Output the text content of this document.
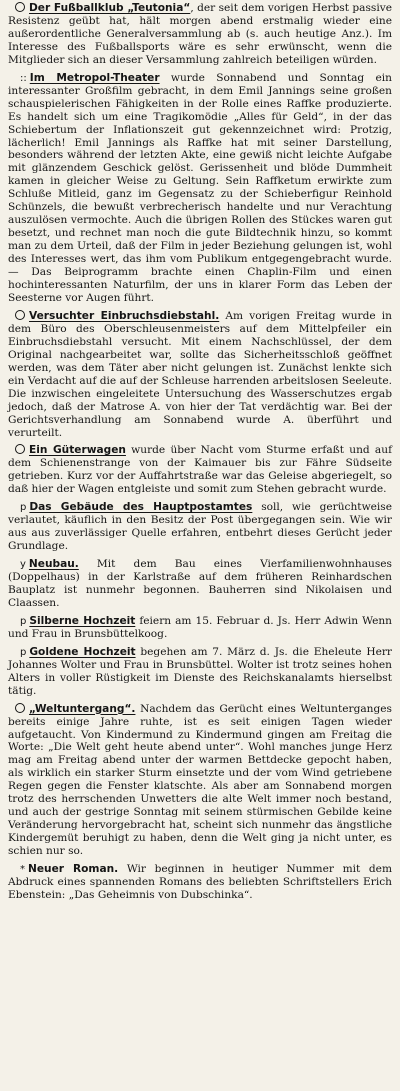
Der Fußballklub „Teutonia“, der seit dem vorigen Herbst passive Resistenz geübt hat, hält morgen abend erstmalig wieder eine außerordentliche Generalversammlung ab (s. auch heutige Anz.). Im Interesse des Fußballsports wäre es sehr erwünscht, wenn die Mitglieder sich an dieser Versammlung zahlreich beteiligen würden.

:: Im Metropol-Theater wurde Sonnabend und Sonntag ein interessanter Großfilm gebracht, in dem Emil Jannings seine großen schauspielerischen Fähigkeiten in der Rolle eines Raffke produzierte. Es handelt sich um eine Tragikomödie „Alles für Geld“, in der das Schiebertum der Inflationszeit gut gekennzeichnet wird: Protzig, lächerlich! Emil Jannings als Raffke hat mit seiner Darstellung, besonders während der letzten Akte, eine gewiß nicht leichte Aufgabe mit glänzendem Geschick gelöst. Gerissenheit und blöde Dummheit kamen in gleicher Weise zu Geltung. Sein Raffketum erwirkte zum Schluße Mitleid, ganz im Gegensatz zu der Schieberfigur Reinhold Schünzels, die bewußt verbrecherisch handelte und nur Verachtung auszulösen vermochte. Auch die übrigen Rollen des Stückes waren gut besetzt, und rechnet man noch die gute Bildtechnik hinzu, so kommt man zu dem Urteil, daß der Film in jeder Beziehung gelungen ist, wohl des Interesses wert, das ihm vom Publikum entgegengebracht wurde. — Das Beiprogramm brachte einen Chaplin-Film und einen hochinteressanten Naturfilm, der uns in klarer Form das Leben der Seesterne vor Augen führt.

Versuchter Einbruchsdiebstahl. Am vorigen Freitag wurde in dem Büro des Oberschleusenmeisters auf dem Mittelpfeiler ein Einbruchsdiebstahl versucht. Mit einem Nachschlüssel, der dem Original nachgearbeitet war, sollte das Sicherheitsschloß geöffnet werden, was dem Täter aber nicht gelungen ist. Zunächst lenkte sich ein Verdacht auf die auf der Schleuse harrenden arbeitslosen Seeleute. Die inzwischen eingeleitete Untersuchung des Wasserschutzes ergab jedoch, daß der Matrose A. von hier der Tat verdächtig war. Bei der Gerichtsverhandlung am Sonnabend wurde A. überführt und verurteilt.

Ein Güterwagen wurde über Nacht vom Sturme erfaßt und auf dem Schienenstrange von der Kaimauer bis zur Fähre Südseite getrieben. Kurz vor der Auffahrtstraße war das Geleise abgeriegelt, so daß hier der Wagen entgleiste und somit zum Stehen gebracht wurde.

p Das Gebäude des Hauptpostamtes soll, wie gerüchtweise verlautet, käuflich in den Besitz der Post übergegangen sein. Wie wir aus aus zuverlässiger Quelle erfahren, entbehrt dieses Gerücht jeder Grundlage.

y Neubau. Mit dem Bau eines Vierfamilienwohnhauses (Doppelhaus) in der Karlstraße auf dem früheren Reinhardschen Bauplatz ist nunmehr begonnen. Bauherren sind Nikolaisen und Claassen.

p Silberne Hochzeit feiern am 15. Februar d. Js. Herr Adwin Wenn und Frau in Brunsbüttelkoog.

p Goldene Hochzeit begehen am 7. März d. Js. die Eheleute Herr Johannes Wolter und Frau in Brunsbüttel. Wolter ist trotz seines hohen Alters in voller Rüstigkeit im Dienste des Reichskanalamts hierselbst tätig.

„Weltuntergang“. Nachdem das Gerücht eines Weltunterganges bereits einige Jahre ruhte, ist es seit einigen Tagen wieder aufgetaucht. Von Kindermund zu Kindermund gingen am Freitag die Worte: „Die Welt geht heute abend unter“. Wohl manches junge Herz mag am Freitag abend unter der warmen Bettdecke gepocht haben, als wirklich ein starker Sturm einsetzte und der vom Wind getriebene Regen gegen die Fenster klatschte. Als aber am Sonnabend morgen trotz des herrschenden Unwetters die alte Welt immer noch bestand, und auch der gestrige Sonntag mit seinem stürmischen Gebilde keine Veränderung hervorgebracht hat, scheint sich nunmehr das ängstliche Kindergemüt beruhigt zu haben, denn die Welt ging ja nicht unter, es schien nur so.

* Neuer Roman. Wir beginnen in heutiger Nummer mit dem Abdruck eines spannenden Romans des beliebten Schriftstellers Erich Ebenstein: „Das Geheimnis von Dubschinka“.
